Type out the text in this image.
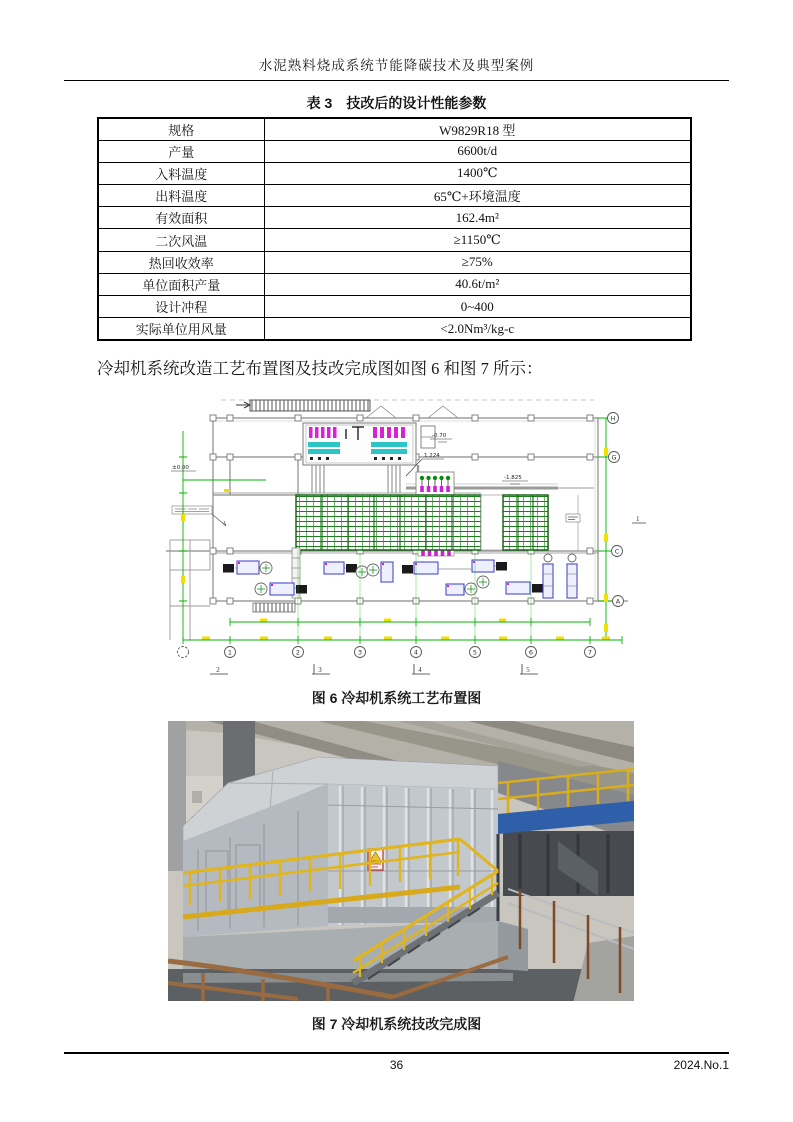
水泥熟料烧成系统节能降碳技术及典型案例
表 3　技改后的设计性能参数
规格	W9829R18 型
产量	6600t/d
入料温度	1400℃
出料温度	65℃+环境温度
有效面积	162.4m²
二次风温	≥1150℃
热回收效率	≥75%
单位面积产量	40.6t/m²
设计冲程	0~400
实际单位用风量	<2.0Nm³/kg-c
冷却机系统改造工艺布置图及技改完成图如图 6 和图 7 所示：
±0.00
-0.70
1.224
-1.825
1
H
G
C
A
1	2	3	4	5	6	7
2	3	4	5
图 6 冷却机系统工艺布置图
图 7 冷却机系统技改完成图
36	2024.No.1
